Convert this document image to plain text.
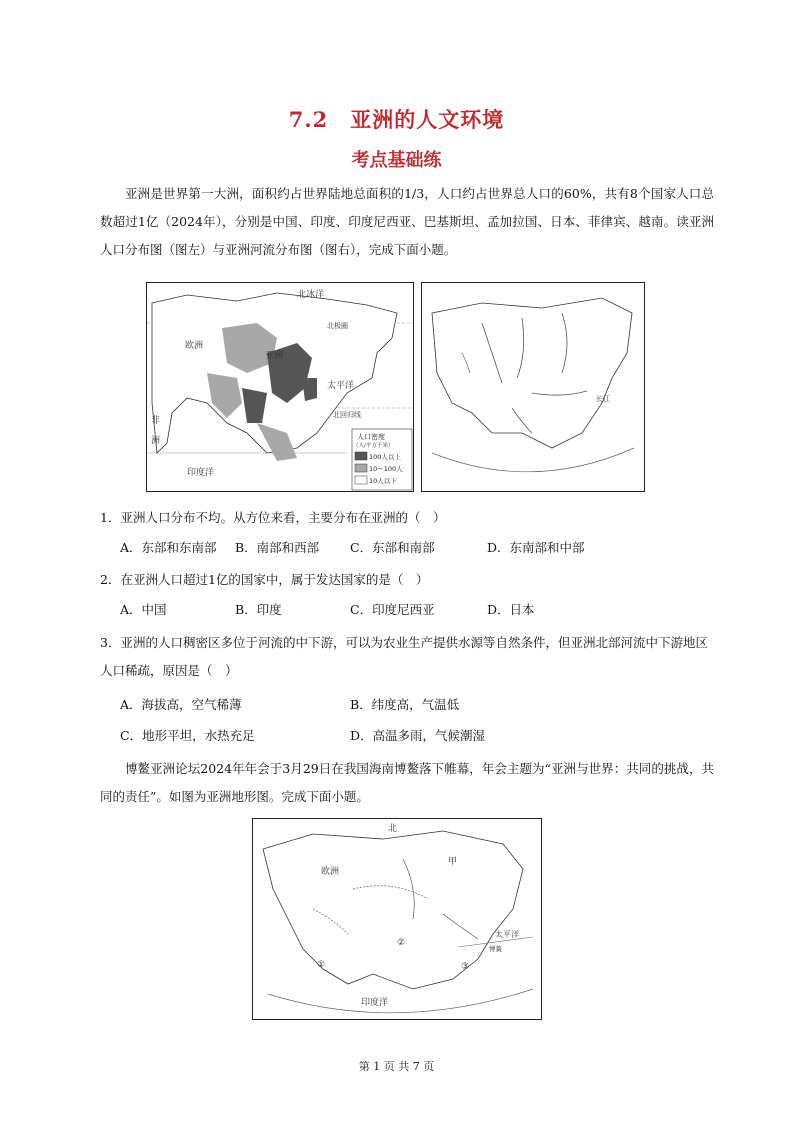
7.2　亚洲的人文环境
考点基础练
亚洲是世界第一大洲，面积约占世界陆地总面积的1/3，人口约占世界总人口的60%，共有8个国家人口总数超过1亿（2024年），分别是中国、印度、印度尼西亚、巴基斯坦、孟加拉国、日本、菲律宾、越南。读亚洲人口分布图（图左）与亚洲河流分布图（图右），完成下面小题。
北冰洋
欧洲
亚洲
太平洋
北极圈
北回归线
非
洲
印度洋
人口密度
（人/平方千米）
100人以上
10～100人
10人以下
长江
1．亚洲人口分布不均。从方位来看，主要分布在亚洲的（　）
A．东部和东南部 B．南部和西部 C．东部和南部	D．东南部和中部
2．在亚洲人口超过1亿的国家中，属于发达国家的是（　）
A．中国	B．印度	C．印度尼西亚	D．日本
3．亚洲的人口稠密区多位于河流的中下游，可以为农业生产提供水源等自然条件，但亚洲北部河流中下游地区人口稀疏，原因是（　）
A．海拔高，空气稀薄	B．纬度高，气温低
C．地形平坦，水热充足	D．高温多雨，气候潮湿
博鳌亚洲论坛2024年年会于3月29日在我国海南博鳌落下帷幕，年会主题为“亚洲与世界：共同的挑战，共同的责任”。如图为亚洲地形图。完成下面小题。
北
欧洲
甲
太平洋
印度洋
①
②
③
博鳌
第 1 页 共 7 页
